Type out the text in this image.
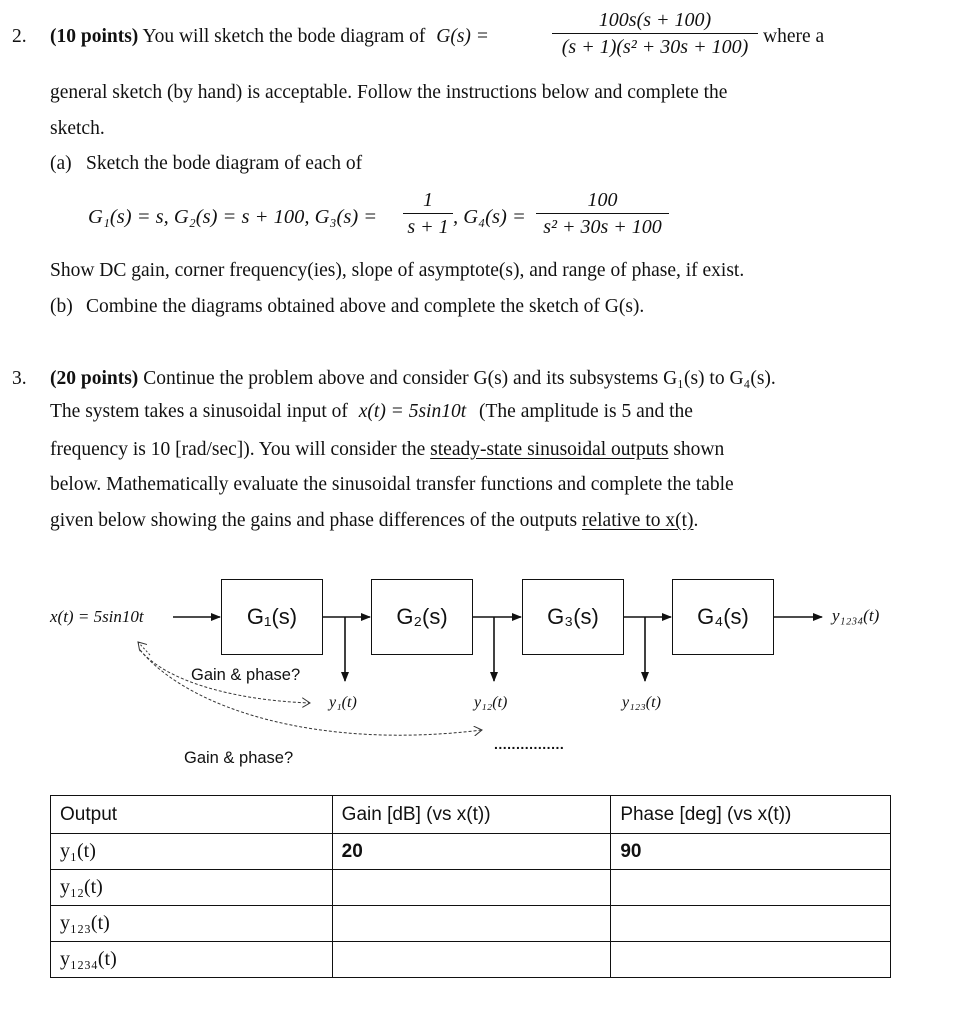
2. (10 points) You will sketch the bode diagram of G(s) =
100s(s + 100)
(s + 1)(s² + 30s + 100) where a
general sketch (by hand) is acceptable. Follow the instructions below and complete the
sketch.
(a) Sketch the bode diagram of each of
G₁(s) = s, G₂(s) = s + 100, G₃(s) =
1
s + 1 , G₄(s) =
100
s² + 30s + 100
Show DC gain, corner frequency(ies), slope of asymptote(s), and range of phase, if exist.
(b) Combine the diagrams obtained above and complete the sketch of G(s).
3. (20 points) Continue the problem above and consider G(s) and its subsystems G₁(s) to G₄(s).
The system takes a sinusoidal input of x(t) = 5sin10t (The amplitude is 5 and the
frequency is 10 [rad/sec]). You will consider the steady-state sinusoidal outputs shown
below. Mathematically evaluate the sinusoidal transfer functions and complete the table
given below showing the gains and phase differences of the outputs relative to x(t).
x(t) = 5sin10t	G₁(s)	G₂(s)	G₃(s)	G₄(s)	y₁₂₃₄(t)
y₁(t)	y₁₂(t)	y₁₂₃(t)
Gain & phase?
Gain & phase?
................
Output	Gain [dB] (vs x(t))	Phase [deg] (vs x(t))
y₁(t)	20	90
y₁₂(t)		
y₁₂₃(t)		
y₁₂₃₄(t)		
